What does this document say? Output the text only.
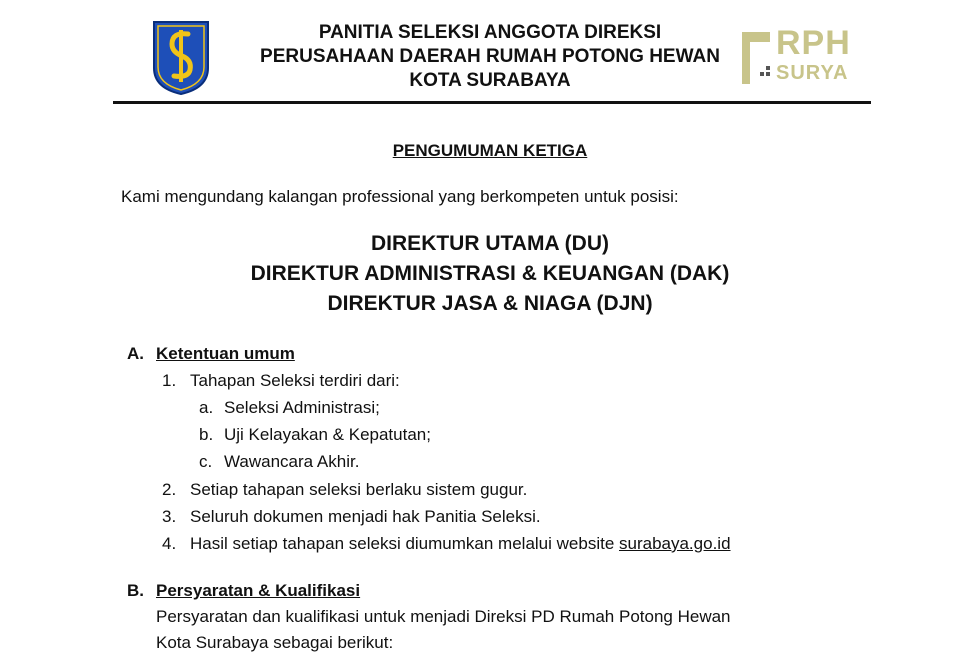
PANITIA SELEKSI ANGGOTA DIREKSI
PERUSAHAAN DAERAH RUMAH POTONG HEWAN
KOTA SURABAYA
RPH
SURYA
PENGUMUMAN KETIGA
Kami mengundang kalangan professional yang berkompeten untuk posisi:
DIREKTUR UTAMA (DU)
DIREKTUR ADMINISTRASI & KEUANGAN (DAK)
DIREKTUR JASA & NIAGA (DJN)
A. Ketentuan umum
1. Tahapan Seleksi terdiri dari:
a. Seleksi Administrasi;
b. Uji Kelayakan & Kepatutan;
c. Wawancara Akhir.
2. Setiap tahapan seleksi berlaku sistem gugur.
3. Seluruh dokumen menjadi hak Panitia Seleksi.
4. Hasil setiap tahapan seleksi diumumkan melalui website surabaya.go.id
B. Persyaratan & Kualifikasi
Persyaratan dan kualifikasi untuk menjadi Direksi PD Rumah Potong Hewan
Kota Surabaya sebagai berikut:
